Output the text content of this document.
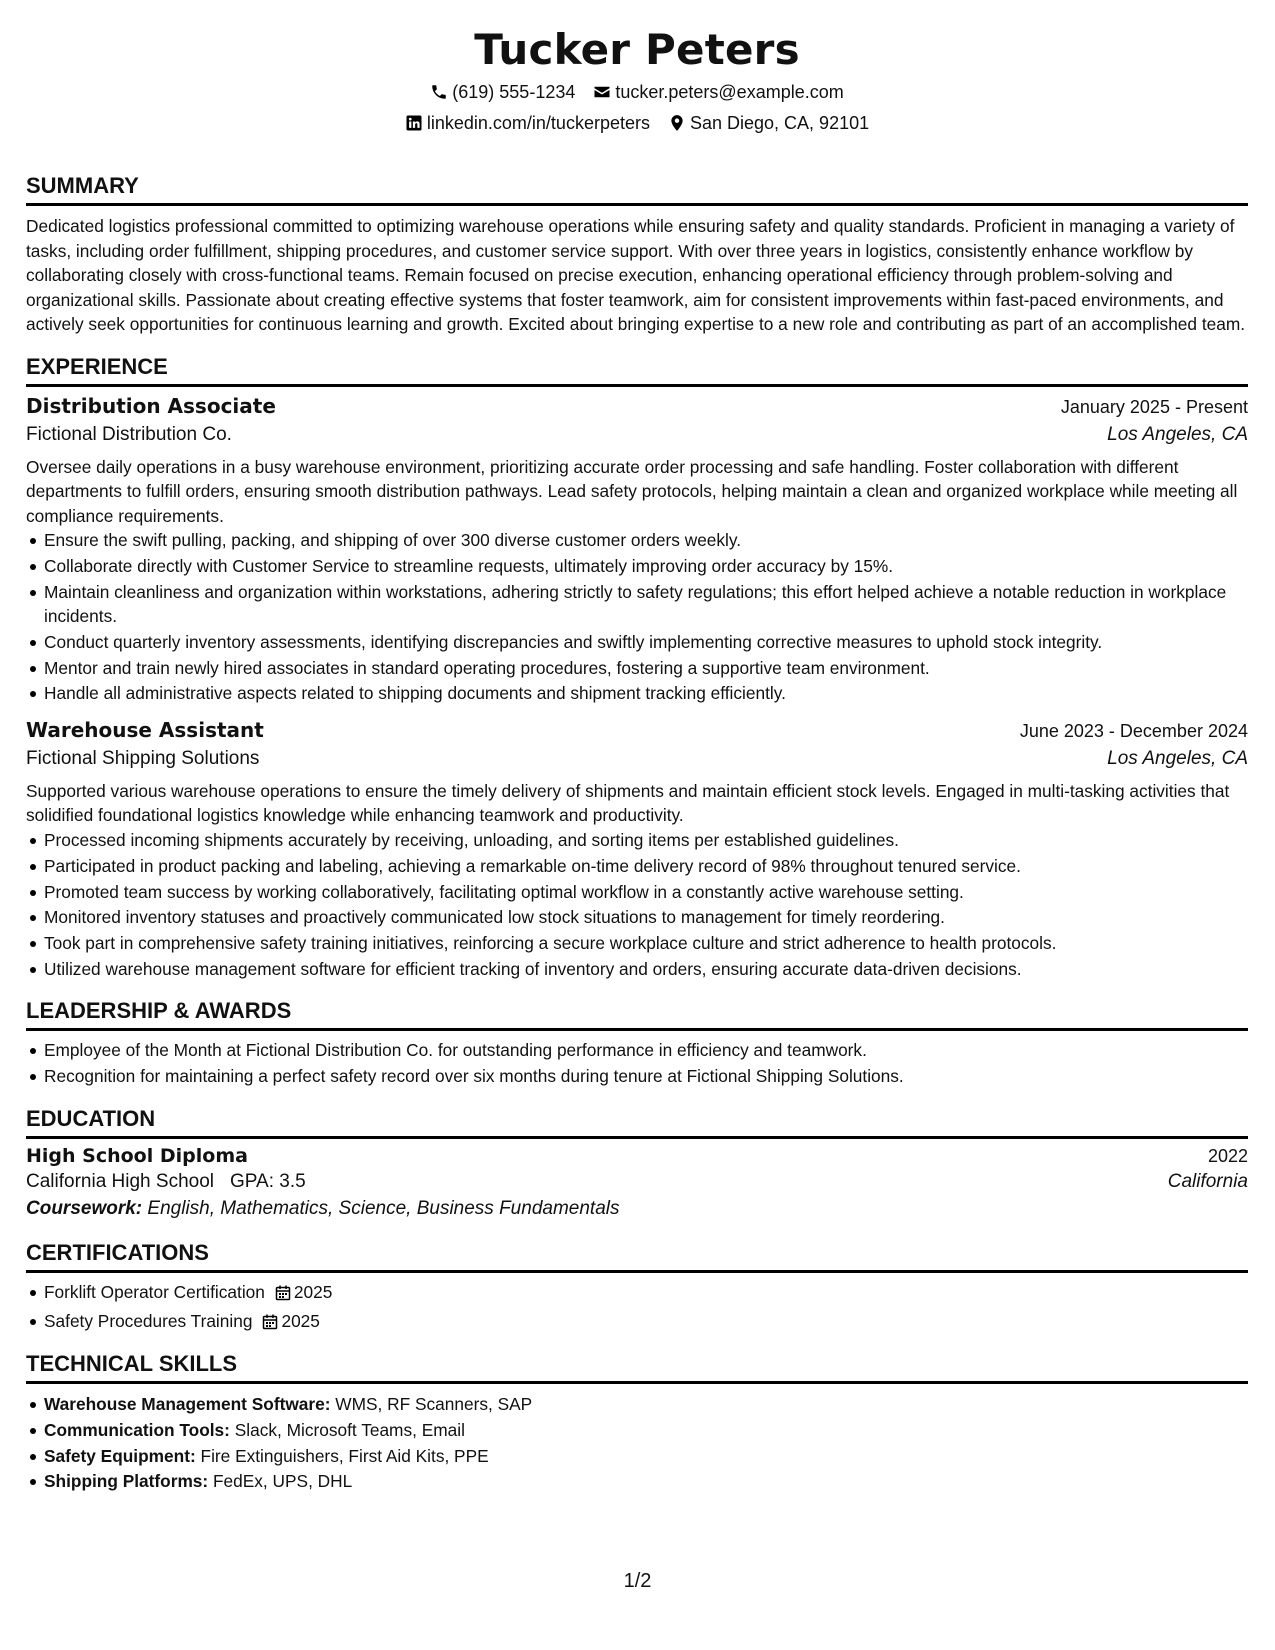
Tucker Peters
(619) 555-1234 tucker.peters@example.com
linkedin.com/in/tuckerpeters San Diego, CA, 92101
SUMMARY
Dedicated logistics professional committed to optimizing warehouse operations while ensuring safety and quality standards. Proficient in managing a variety of tasks, including order fulfillment, shipping procedures, and customer service support. With over three years in logistics, consistently enhance workflow by collaborating closely with cross-functional teams. Remain focused on precise execution, enhancing operational efficiency through problem-solving and organizational skills. Passionate about creating effective systems that foster teamwork, aim for consistent improvements within fast-paced environments, and actively seek opportunities for continuous learning and growth. Excited about bringing expertise to a new role and contributing as part of an accomplished team.
EXPERIENCE
Distribution Associate	January 2025 - Present
Fictional Distribution Co.	Los Angeles, CA
Oversee daily operations in a busy warehouse environment, prioritizing accurate order processing and safe handling. Foster collaboration with different departments to fulfill orders, ensuring smooth distribution pathways. Lead safety protocols, helping maintain a clean and organized workplace while meeting all compliance requirements.
Ensure the swift pulling, packing, and shipping of over 300 diverse customer orders weekly.
Collaborate directly with Customer Service to streamline requests, ultimately improving order accuracy by 15%.
Maintain cleanliness and organization within workstations, adhering strictly to safety regulations; this effort helped achieve a notable reduction in workplace incidents.
Conduct quarterly inventory assessments, identifying discrepancies and swiftly implementing corrective measures to uphold stock integrity.
Mentor and train newly hired associates in standard operating procedures, fostering a supportive team environment.
Handle all administrative aspects related to shipping documents and shipment tracking efficiently.
Warehouse Assistant	June 2023 - December 2024
Fictional Shipping Solutions	Los Angeles, CA
Supported various warehouse operations to ensure the timely delivery of shipments and maintain efficient stock levels. Engaged in multi-tasking activities that solidified foundational logistics knowledge while enhancing teamwork and productivity.
Processed incoming shipments accurately by receiving, unloading, and sorting items per established guidelines.
Participated in product packing and labeling, achieving a remarkable on-time delivery record of 98% throughout tenured service.
Promoted team success by working collaboratively, facilitating optimal workflow in a constantly active warehouse setting.
Monitored inventory statuses and proactively communicated low stock situations to management for timely reordering.
Took part in comprehensive safety training initiatives, reinforcing a secure workplace culture and strict adherence to health protocols.
Utilized warehouse management software for efficient tracking of inventory and orders, ensuring accurate data-driven decisions.
LEADERSHIP & AWARDS
Employee of the Month at Fictional Distribution Co. for outstanding performance in efficiency and teamwork.
Recognition for maintaining a perfect safety record over six months during tenure at Fictional Shipping Solutions.
EDUCATION
High School Diploma	2022
California High School GPA: 3.5	California
Coursework: English, Mathematics, Science, Business Fundamentals
CERTIFICATIONS
Forklift Operator Certification 2025
Safety Procedures Training 2025
TECHNICAL SKILLS
Warehouse Management Software: WMS, RF Scanners, SAP
Communication Tools: Slack, Microsoft Teams, Email
Safety Equipment: Fire Extinguishers, First Aid Kits, PPE
Shipping Platforms: FedEx, UPS, DHL
1/2
